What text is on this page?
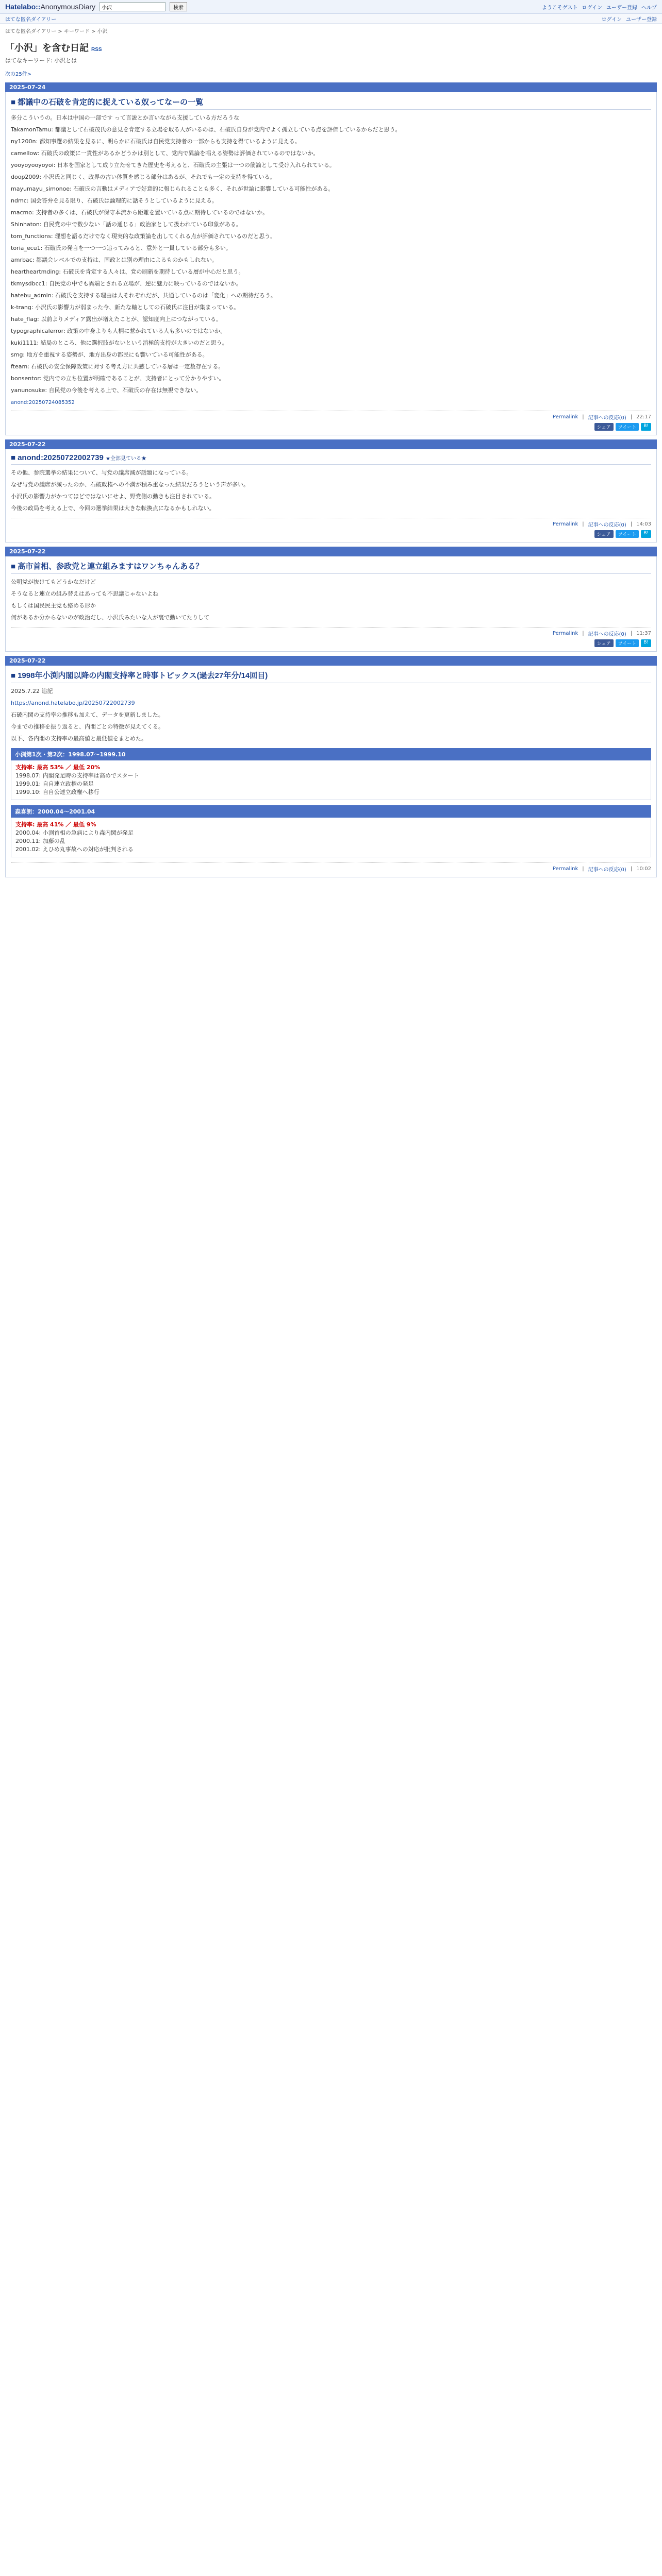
Hatelabo::AnonymousDiary
小沢	検索	ようこそゲスト ログイン ユーザー登録 ヘルプ
はてな匿名ダイアリー	ログイン ユーザー登録
はてな匿名ダイアリー > キーワード > 小沢
「小沢」を含む日記 RSS
はてなキーワード: 小沢とは
次の25件>
2025-07-24
■ 都議中の石破を肯定的に捉えている奴ってなーの一覧

多分こういうの。日本は中国の一部です って言説とか言いながら支援している方だろうな

TakamonTamu: 都議として石破茂氏の意見を肯定する立場を取る人がいるのは、石破氏自身が党内でよく孤立している点を評価しているからだと思う。

ny1200n: 都知事選の結果を見るに、明らかに石破氏は自民党支持者の一部からも支持を得ているように見える。

camellow: 石破氏の政策に一貫性があるかどうかは別として、党内で異論を唱える姿勢は評価されているのではないか。

yooyoyooyoyoi: 日本を国家として成り立たせてきた歴史を考えると、石破氏の主張は一つの筋論として受け入れられている。

doop2009: 小沢氏と同じく、政界の古い体質を感じる部分はあるが、それでも一定の支持を得ている。

mayumayu_simonoe: 石破氏の言動はメディアで好意的に報じられることも多く、それが世論に影響している可能性がある。

ndmc: 国会答弁を見る限り、石破氏は論理的に話そうとしているように見える。

macmo: 支持者の多くは、石破氏が保守本流から距離を置いている点に期待しているのではないか。

Shinhaton: 自民党の中で数少ない「話の通じる」政治家として扱われている印象がある。

tom_functions: 理想を語るだけでなく現実的な政策論を出してくれる点が評価されているのだと思う。

toria_ecu1: 石破氏の発言を一つ一つ追ってみると、意外と一貫している部分も多い。

amrbac: 都議会レベルでの支持は、国政とは別の理由によるものかもしれない。

heartheartmding: 石破氏を肯定する人々は、党の刷新を期待している層が中心だと思う。

tkmysdbcc1: 自民党の中でも異端とされる立場が、逆に魅力に映っているのではないか。

hatebu_admin: 石破氏を支持する理由は人それぞれだが、共通しているのは「変化」への期待だろう。

k-trang: 小沢氏の影響力が弱まった今、新たな軸としての石破氏に注目が集まっている。

hate_flag: 以前よりメディア露出が増えたことが、認知度向上につながっている。

typographicalerror: 政策の中身よりも人柄に惹かれている人も多いのではないか。

kuki1111: 結局のところ、他に選択肢がないという消極的支持が大きいのだと思う。

smg: 地方を重視する姿勢が、地方出身の都民にも響いている可能性がある。

fteam: 石破氏の安全保障政策に対する考え方に共感している層は一定数存在する。

bonsentor: 党内での立ち位置が明確であることが、支持者にとって分かりやすい。

yanunosuke: 自民党の今後を考える上で、石破氏の存在は無視できない。

anond:20250724085352
Permalink | 記事への反応(0) | 22:17
シェア	ツイート	B!
2025-07-22
■ anond:20250722002739 ★全部見ている★

その他、参院選挙の結果について、与党の議席減が話題になっている。

なぜ与党の議席が減ったのか、石破政権への不満が積み重なった結果だろうという声が多い。

小沢氏の影響力がかつてほどではないにせよ、野党側の動きも注目されている。

今後の政局を考える上で、今回の選挙結果は大きな転換点になるかもしれない。

Permalink | 記事への反応(0) | 14:03
シェア	ツイート	B!
2025-07-22
■ 高市首相、参政党と連立組みますはワンちゃんある？

公明党が抜けてもどうかなだけど

そうなると連立の組み替えはあっても不思議じゃないよね

もしくは国民民主党も絡める形か

何があるか分からないのが政治だし、小沢氏みたいな人が裏で動いてたりして

Permalink | 記事への反応(0) | 11:37
シェア	ツイート	B!
2025-07-22
■ 1998年小渕内閣以降の内閣支持率と時事トピックス(過去27年分/14回目)

2025.7.22 追記

https://anond.hatelabo.jp/20250722002739

石破内閣の支持率の推移も加えて、データを更新しました。

今までの推移を振り返ると、内閣ごとの特徴が見えてくる。

以下、各内閣の支持率の最高値と最低値をまとめた。

小渕第1次・第2次：1998.07〜1999.10
支持率: 最高 53% ／ 最低 20%
1998.07: 内閣発足時の支持率は高めでスタート
1999.01: 自自連立政権の発足
1999.10: 自自公連立政権へ移行
森喜朗：2000.04〜2001.04
支持率: 最高 41% ／ 最低 9%
2000.04: 小渕首相の急病により森内閣が発足
2000.11: 加藤の乱
2001.02: えひめ丸事故への対応が批判される
Permalink | 記事への反応(0) | 10:02
